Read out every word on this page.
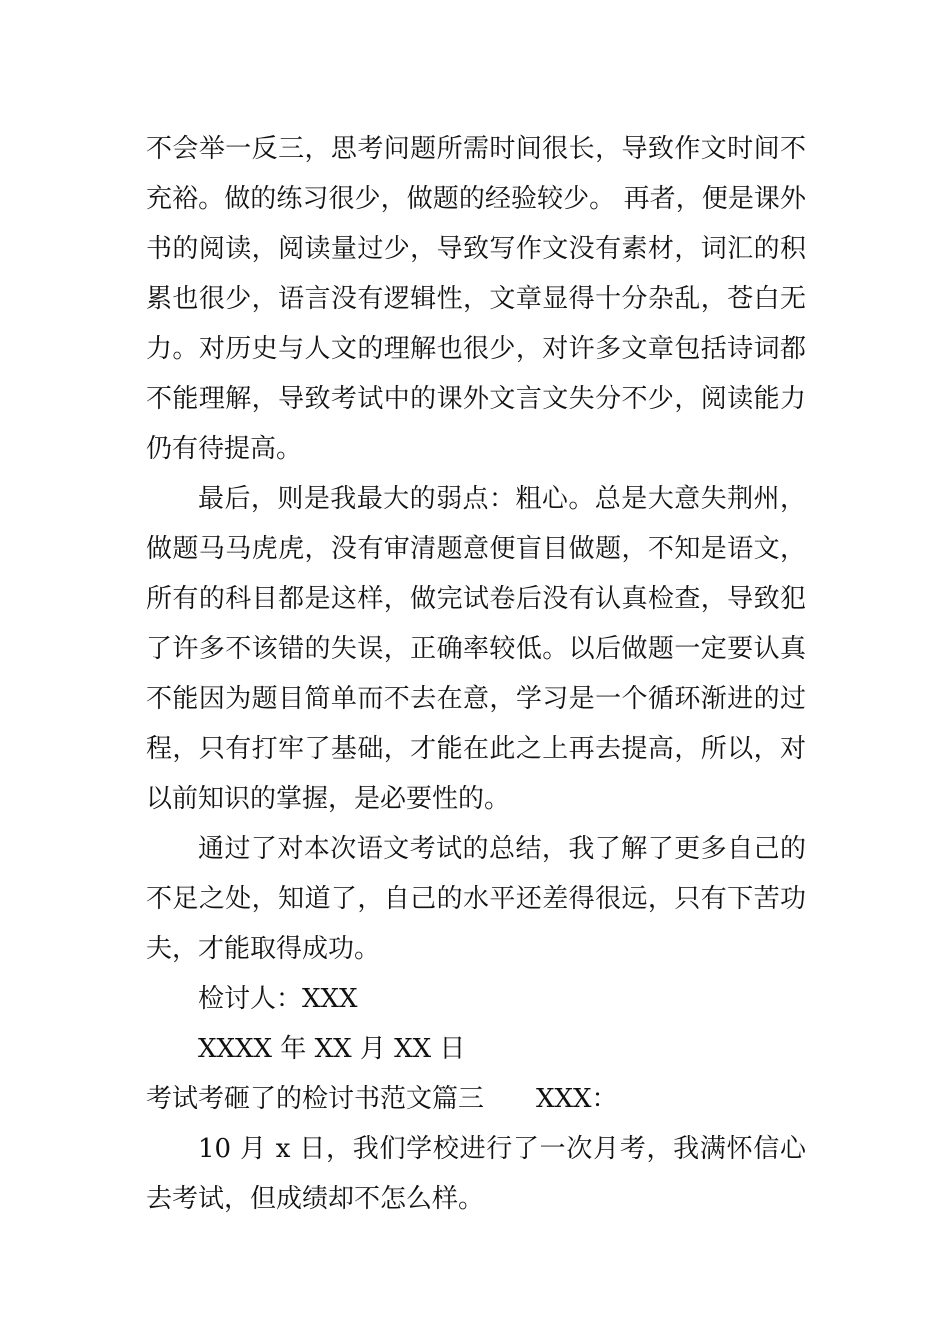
不会举一反三，思考问题所需时间很长，导致作文时间不充裕。做的练习很少，做题的经验较少。 再者，便是课外书的阅读，阅读量过少，导致写作文没有素材，词汇的积累也很少，语言没有逻辑性，文章显得十分杂乱，苍白无力。对历史与人文的理解也很少，对许多文章包括诗词都不能理解，导致考试中的课外文言文失分不少，阅读能力仍有待提高。

最后，则是我最大的弱点：粗心。总是大意失荆州，做题马马虎虎，没有审清题意便盲目做题，不知是语文，所有的科目都是这样，做完试卷后没有认真检查，导致犯了许多不该错的失误，正确率较低。以后做题一定要认真不能因为题目简单而不去在意，学习是一个循环渐进的过程，只有打牢了基础，才能在此之上再去提高，所以，对以前知识的掌握，是必要性的。

通过了对本次语文考试的总结，我了解了更多自己的不足之处，知道了，自己的水平还差得很远，只有下苦功夫，才能取得成功。

检讨人：XXX

XXXX 年 XX 月 XX 日

考试考砸了的检讨书范文篇三 XXX：

10 月 x 日，我们学校进行了一次月考，我满怀信心去考试，但成绩却不怎么样。
